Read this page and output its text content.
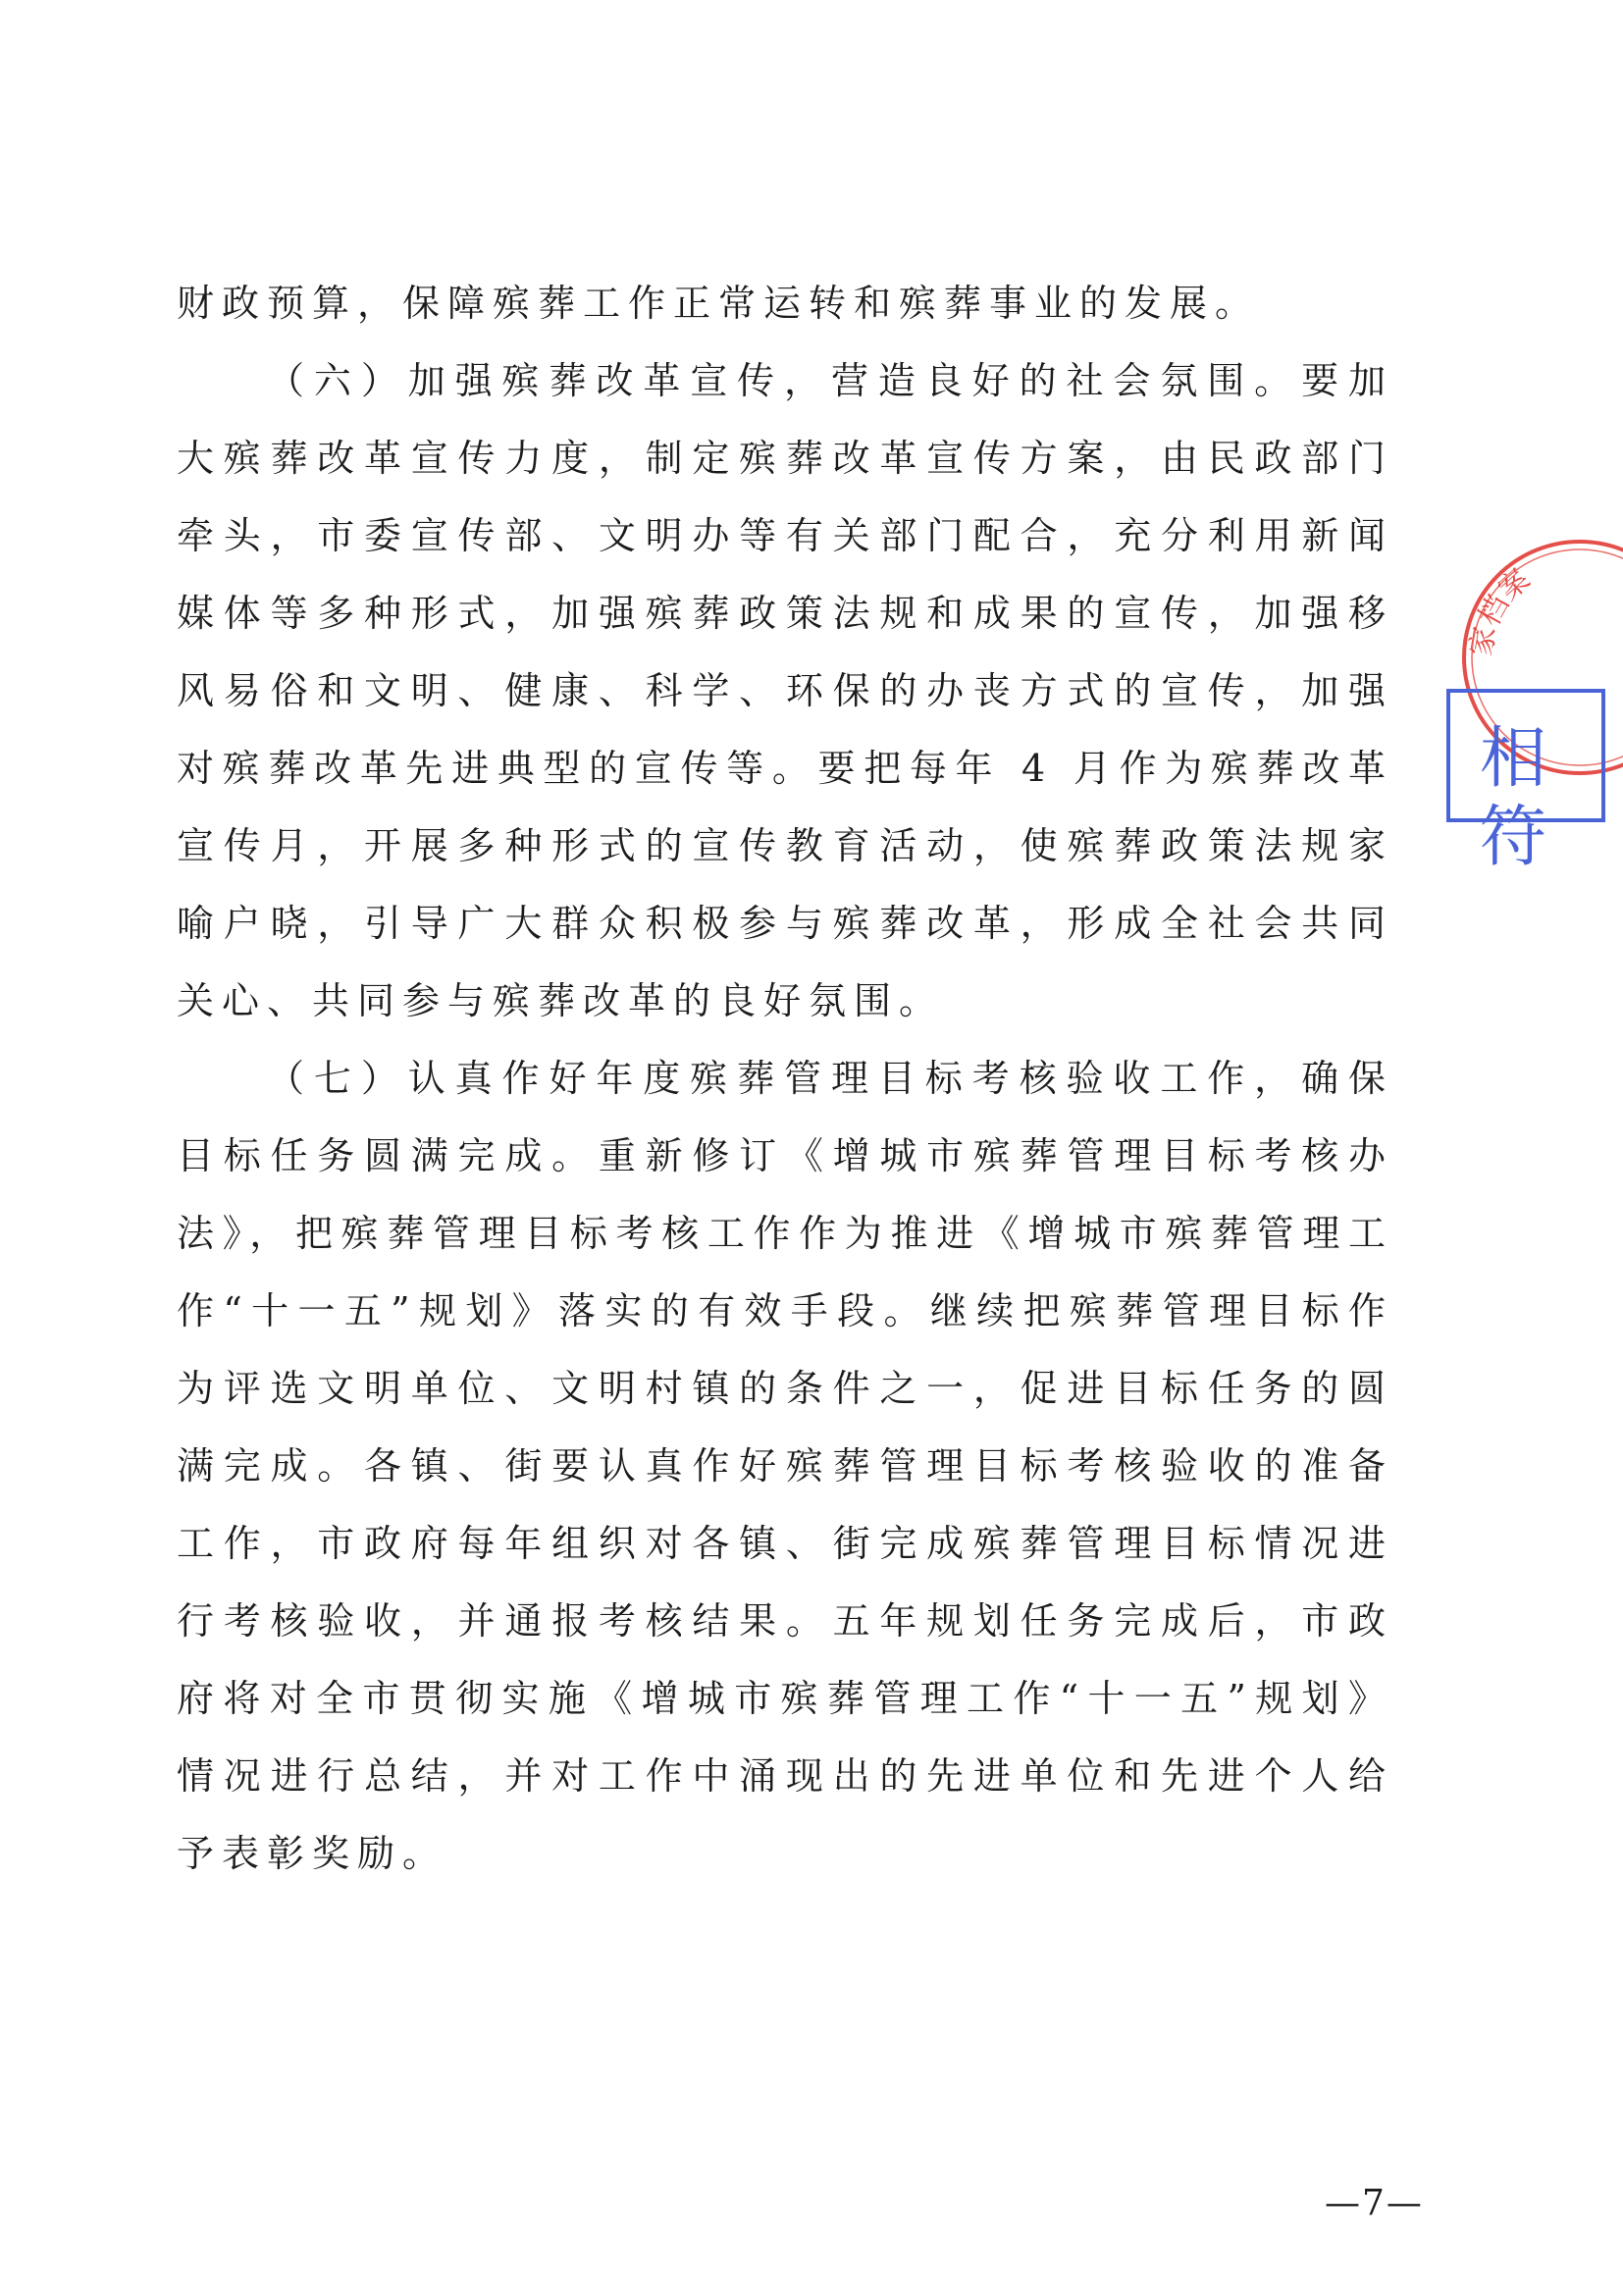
财政预算，保障殡葬工作正常运转和殡葬事业的发展。

（六）加强殡葬改革宣传，营造良好的社会氛围。要加大殡葬改革宣传力度，制定殡葬改革宣传方案，由民政部门牵头，市委宣传部、文明办等有关部门配合，充分利用新闻媒体等多种形式，加强殡葬政策法规和成果的宣传，加强移风易俗和文明、健康、科学、环保的办丧方式的宣传，加强对殡葬改革先进典型的宣传等。要把每年 4 月作为殡葬改革宣传月，开展多种形式的宣传教育活动，使殡葬政策法规家喻户晓，引导广大群众积极参与殡葬改革，形成全社会共同关心、共同参与殡葬改革的良好氛围。

（七）认真作好年度殡葬管理目标考核验收工作，确保目标任务圆满完成。重新修订《增城市殡葬管理目标考核办法》，把殡葬管理目标考核工作作为推进《增城市殡葬管理工作“十一五”规划》落实的有效手段。继续把殡葬管理目标作为评选文明单位、文明村镇的条件之一，促进目标任务的圆满完成。各镇、街要认真作好殡葬管理目标考核验收的准备工作，市政府每年组织对各镇、街完成殡葬管理目标情况进行考核验收，并通报考核结果。五年规划任务完成后，市政府将对全市贯彻实施《增城市殡葬管理工作“十一五”规划》情况进行总结，并对工作中涌现出的先进单位和先进个人给予表彰奖励。

家档案
相符
—7—
